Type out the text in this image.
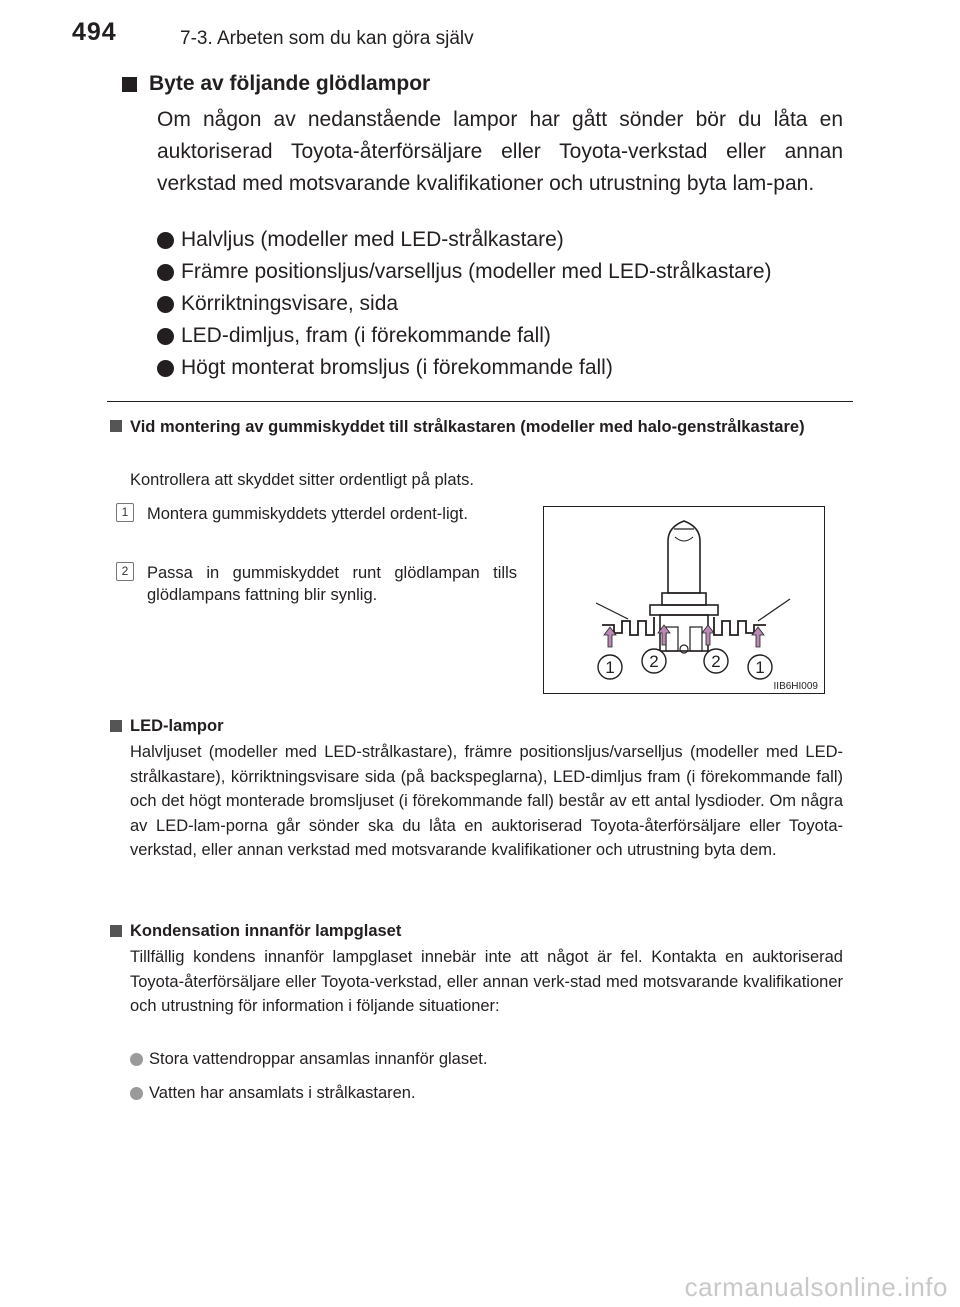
494	7-3. Arbeten som du kan göra själv
Byte av följande glödlampor
Om någon av nedanstående lampor har gått sönder bör du låta en auktoriserad Toyota-återförsäljare eller Toyota-verkstad eller annan verkstad med motsvarande kvalifikationer och utrustning byta lam-pan.
Halvljus (modeller med LED-strålkastare)
Främre positionsljus/varselljus (modeller med LED-strålkastare)
Körriktningsvisare, sida
LED-dimljus, fram (i förekommande fall)
Högt monterat bromsljus (i förekommande fall)
Vid montering av gummiskyddet till strålkastaren (modeller med halo-genstrålkastare)
Kontrollera att skyddet sitter ordentligt på plats.
1	Montera gummiskyddets ytterdel ordent-ligt.
2	Passa in gummiskyddet runt glödlampan tills glödlampans fattning blir synlig.
1 2	2 1
IIB6HI009
LED-lampor
Halvljuset (modeller med LED-strålkastare), främre positionsljus/varselljus (modeller med LED-strålkastare), körriktningsvisare sida (på backspeglarna), LED-dimljus fram (i förekommande fall) och det högt monterade bromsljuset (i förekommande fall) består av ett antal lysdioder. Om några av LED-lam-porna går sönder ska du låta en auktoriserad Toyota-återförsäljare eller Toyota-verkstad, eller annan verkstad med motsvarande kvalifikationer och utrustning byta dem.
Kondensation innanför lampglaset
Tillfällig kondens innanför lampglaset innebär inte att något är fel. Kontakta en auktoriserad Toyota-återförsäljare eller Toyota-verkstad, eller annan verk-stad med motsvarande kvalifikationer och utrustning för information i följande situationer:
Stora vattendroppar ansamlas innanför glaset.
Vatten har ansamlats i strålkastaren.
carmanualsonline.info
